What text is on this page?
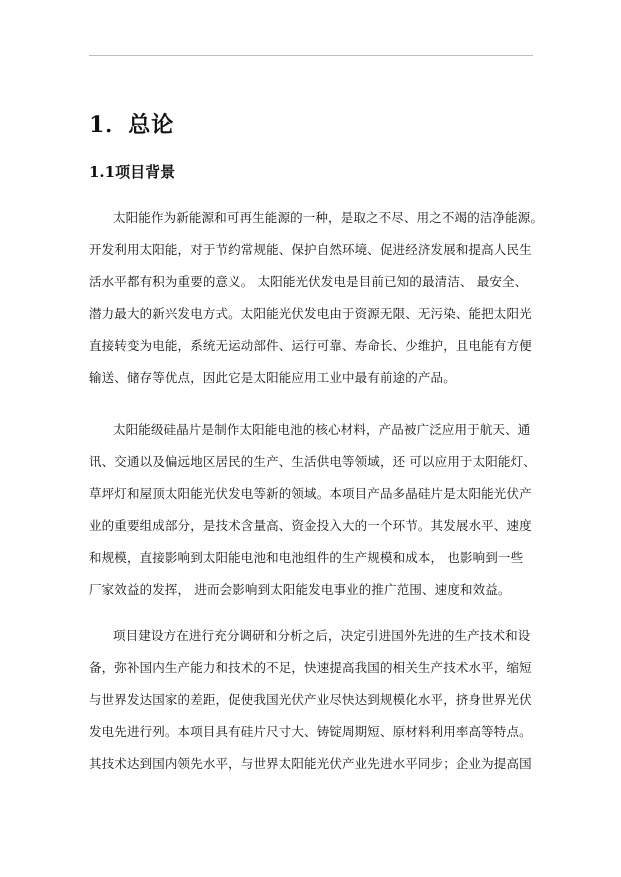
1．总论
1.1项目背景
太阳能作为新能源和可再生能源的一种，是取之不尽、用之不竭的洁净能源。
开发利用太阳能，对于节约常规能、保护自然环境、促进经济发展和提高人民生
活水平都有积为重要的意义。 太阳能光伏发电是目前已知的最清洁、 最安全、
潜力最大的新兴发电方式。太阳能光伏发电由于资源无限、无污染、能把太阳光
直接转变为电能，系统无运动部件、运行可靠、寿命长、少维护，且电能有方便
输送、储存等优点，因此它是太阳能应用工业中最有前途的产品。
太阳能级硅晶片是制作太阳能电池的核心材料，产品被广泛应用于航天、通
讯、交通以及偏远地区居民的生产、生活供电等领域，还 可以应用于太阳能灯、
草坪灯和屋顶太阳能光伏发电等新的领域。本项目产品多晶硅片是太阳能光伏产
业的重要组成部分，是技术含量高、资金投入大的一个环节。其发展水平、速度
和规模，直接影响到太阳能电池和电池组件的生产规模和成本， 也影响到一些
厂家效益的发挥， 进而会影响到太阳能发电事业的推广范围、速度和效益。
项目建设方在进行充分调研和分析之后，决定引进国外先进的生产技术和设
备，弥补国内生产能力和技术的不足，快速提高我国的相关生产技术水平，缩短
与世界发达国家的差距，促使我国光伏产业尽快达到规模化水平，挤身世界光伏
发电先进行列。本项目具有硅片尺寸大、铸锭周期短、原材料利用率高等特点。
其技术达到国内领先水平，与世界太阳能光伏产业先进水平同步；企业为提高国
